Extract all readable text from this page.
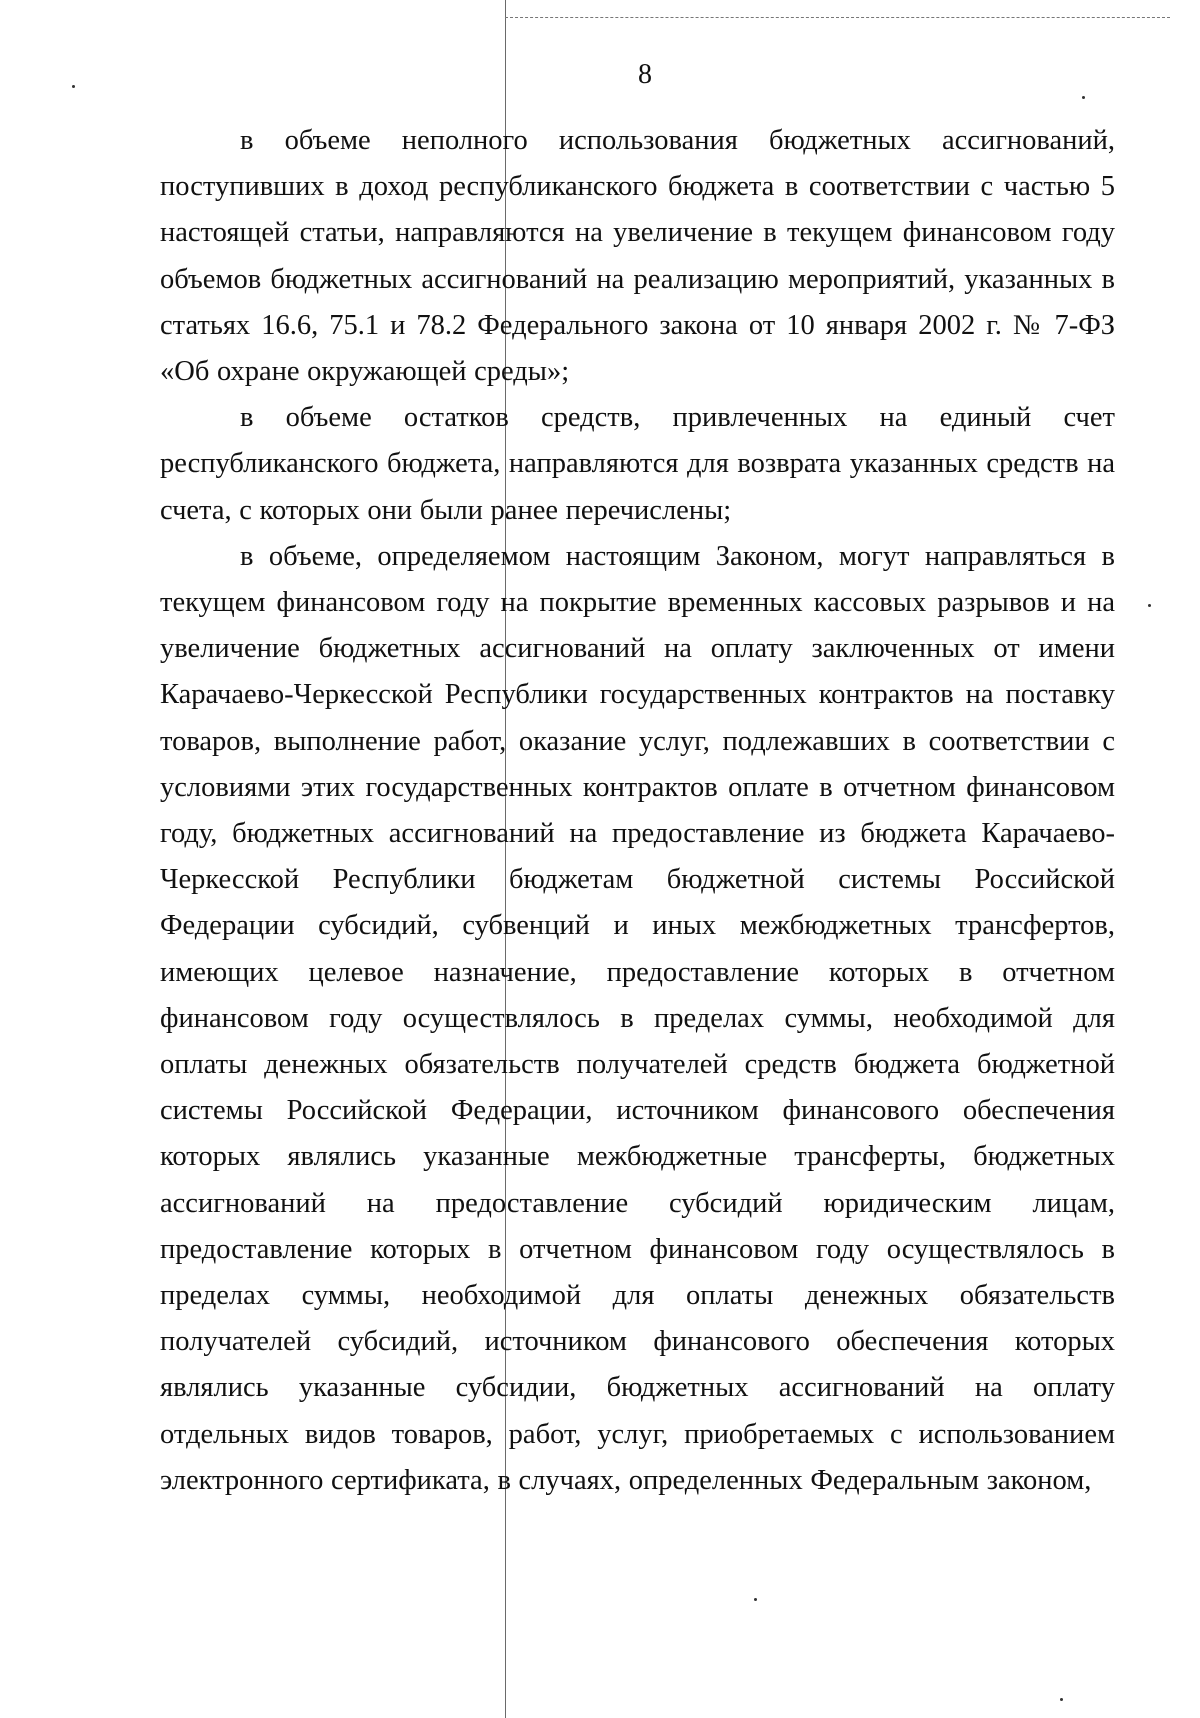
8

в объеме неполного использования бюджетных ассигнований, поступивших в доход республиканского бюджета в соответствии с частью 5 настоящей статьи, направляются на увеличение в текущем финансовом году объемов бюджетных ассигнований на реализацию мероприятий, указанных в статьях 16.6, 75.1 и 78.2 Федерального закона от 10 января 2002 г. № 7-ФЗ «Об охране окружающей среды»;

в объеме остатков средств, привлеченных на единый счет республиканского бюджета, направляются для возврата указанных средств на счета, с которых они были ранее перечислены;

в объеме, определяемом настоящим Законом, могут направляться в текущем финансовом году на покрытие временных кассовых разрывов и на увеличение бюджетных ассигнований на оплату заключенных от имени Карачаево-Черкесской Республики государственных контрактов на поставку товаров, выполнение работ, оказание услуг, подлежавших в соответствии с условиями этих государственных контрактов оплате в отчетном финансовом году, бюджетных ассигнований на предоставление из бюджета Карачаево-Черкесской Республики бюджетам бюджетной системы Российской Федерации субсидий, субвенций и иных межбюджетных трансфертов, имеющих целевое назначение, предоставление которых в отчетном финансовом году осуществлялось в пределах суммы, необходимой для оплаты денежных обязательств получателей средств бюджета бюджетной системы Российской Федерации, источником финансового обеспечения которых являлись указанные межбюджетные трансферты, бюджетных ассигнований на предоставление субсидий юридическим лицам, предоставление которых в отчетном финансовом году осуществлялось в пределах суммы, необходимой для оплаты денежных обязательств получателей субсидий, источником финансового обеспечения которых являлись указанные субсидии, бюджетных ассигнований на оплату отдельных видов товаров, работ, услуг, приобретаемых с использованием электронного сертификата, в случаях, определенных Федеральным законом,
